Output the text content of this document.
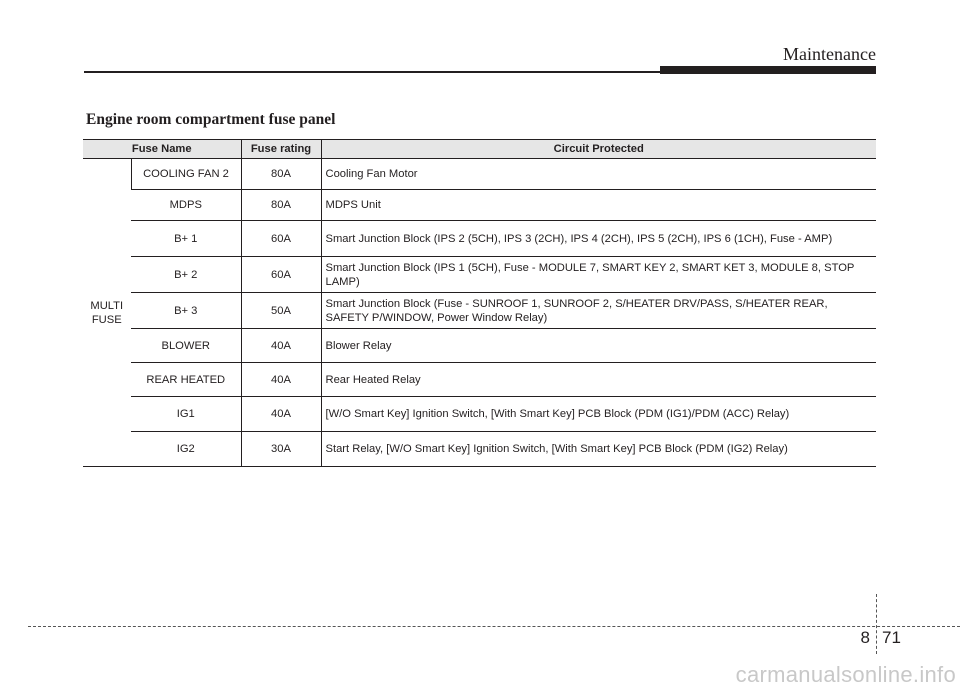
Maintenance
Engine room compartment fuse panel
Fuse Name		Fuse rating	Circuit Protected
MULTI FUSE	COOLING FAN 2	80A	Cooling Fan Motor
	MDPS	80A	MDPS Unit
	B+ 1	60A	Smart Junction Block (IPS 2 (5CH), IPS 3 (2CH), IPS 4 (2CH), IPS 5 (2CH), IPS 6 (1CH), Fuse - AMP)
	B+ 2	60A	Smart Junction Block (IPS 1 (5CH), Fuse - MODULE 7, SMART KEY 2, SMART KET 3, MODULE 8, STOP LAMP)
	B+ 3	50A	Smart Junction Block (Fuse - SUNROOF 1, SUNROOF 2, S/HEATER DRV/PASS, S/HEATER REAR, SAFETY P/WINDOW, Power Window Relay)
	BLOWER	40A	Blower Relay
	REAR HEATED	40A	Rear Heated Relay
	IG1	40A	[W/O Smart Key] Ignition Switch, [With Smart Key] PCB Block (PDM (IG1)/PDM (ACC) Relay)
	IG2	30A	Start Relay, [W/O Smart Key] Ignition Switch, [With Smart Key] PCB Block (PDM (IG2) Relay)
8 71
carmanualsonline.info
